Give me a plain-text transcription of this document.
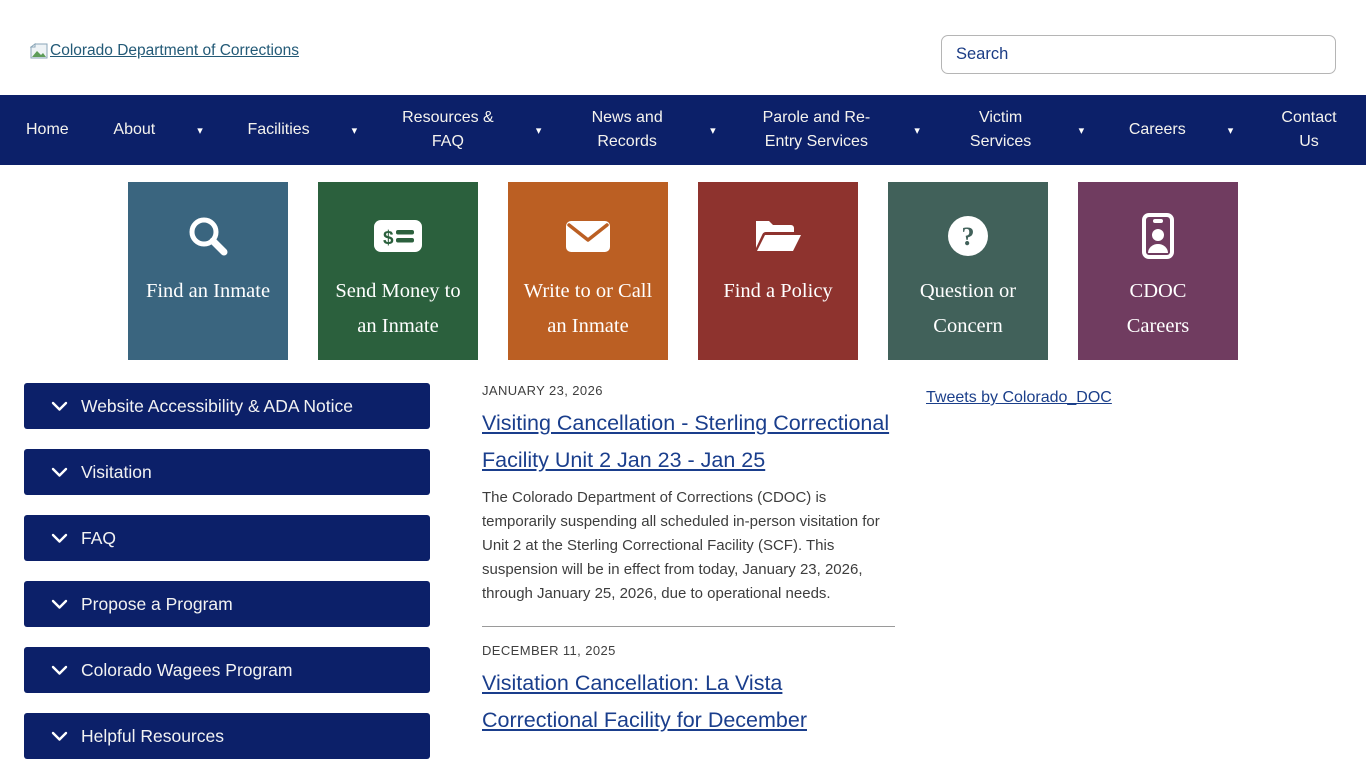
Colorado Department of Corrections
Search
Home	About	▾	Facilities	▾
Resources & FAQ
▾
News and Records
▾
Parole and Re-Entry Services
▾
Victim Services
▾	Careers	▾
Contact Us
Find an Inmate
$
Send Money to an Inmate
Write to or Call an Inmate
Find a Policy
?
Question or Concern
CDOC Careers
Website Accessibility & ADA Notice
Visitation
FAQ
Propose a Program
Colorado Wagees Program
Helpful Resources
JANUARY 23, 2026
Visiting Cancellation - Sterling Correctional Facility Unit 2 Jan 23 - Jan 25
The Colorado Department of Corrections (CDOC) is temporarily suspending all scheduled in-person visitation for Unit 2 at the Sterling Correctional Facility (SCF). This suspension will be in effect from today, January 23, 2026, through January 25, 2026, due to operational needs.
DECEMBER 11, 2025
Visitation Cancellation: La Vista Correctional Facility for December
Tweets by Colorado_DOC
